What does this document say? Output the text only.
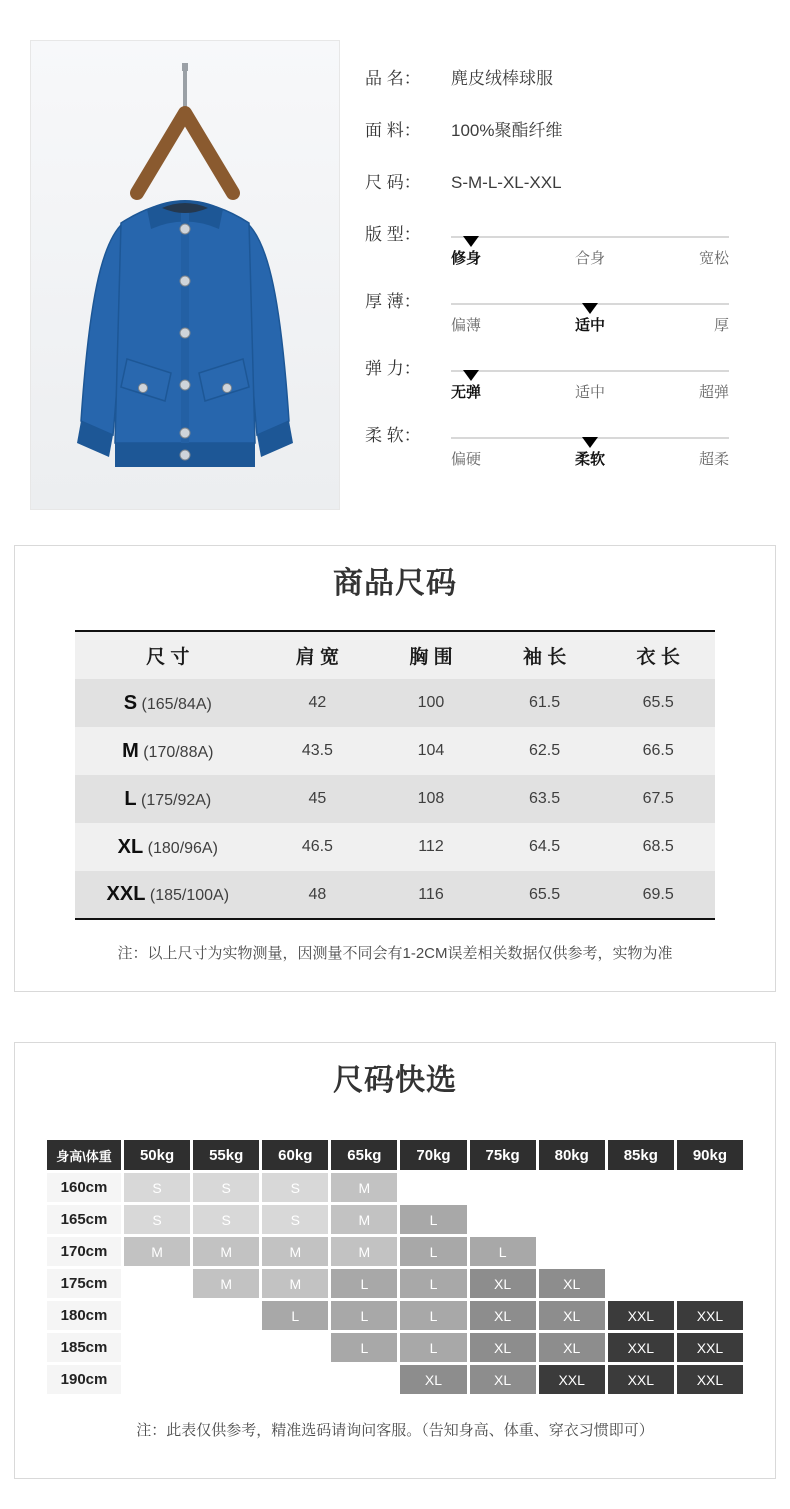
品 名：	麂皮绒棒球服
面 料：	100%聚酯纤维
尺 码：	S-M-L-XL-XXL
版 型：
修身	合身	宽松
厚 薄：
偏薄	适中	厚
弹 力：
无弹	适中	超弹
柔 软：
偏硬	柔软	超柔
商品尺码
尺 寸	肩 宽	胸 围	袖 长	衣 长
S (165/84A)	42	100	61.5	65.5
M (170/88A)	43.5	104	62.5	66.5
L (175/92A)	45	108	63.5	67.5
XL (180/96A)	46.5	112	64.5	68.5
XXL (185/100A)	48	116	65.5	69.5

注：以上尺寸为实物测量，因测量不同会有1-2CM误差相关数据仅供参考，实物为准

尺码快选
身高\体重	50kg	55kg	60kg	65kg	70kg	75kg	80kg	85kg	90kg
160cm	S	S	S	M					
165cm	S	S	S	M	L				
170cm	M	M	M	M	L	L			
175cm		M	M	L	L	XL	XL		
180cm			L	L	L	XL	XL	XXL	XXL
185cm				L	L	XL	XL	XXL	XXL
190cm					XL	XL	XXL	XXL	XXL

注：此表仅供参考，精准选码请询问客服。（告知身高、体重、穿衣习惯即可）
